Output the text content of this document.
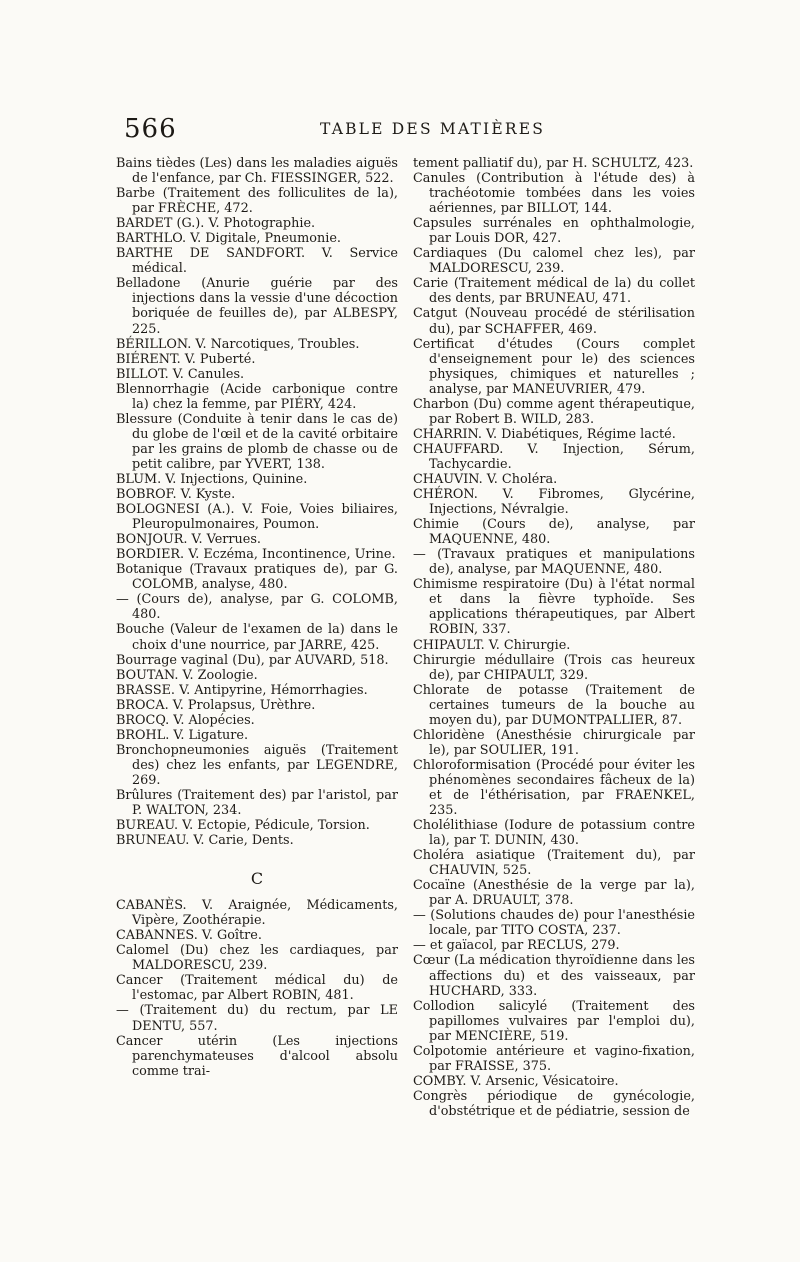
566	TABLE DES MATIÈRES
Bains tièdes (Les) dans les maladies aiguës de l'enfance, par Ch. FIESSINGER, 522.
Barbe (Traitement des folliculites de la), par FRÈCHE, 472.
BARDET (G.). V. Photographie.
BARTHLO. V. Digitale, Pneumonie.
BARTHE DE SANDFORT. V. Service médical.
Belladone (Anurie guérie par des injections dans la vessie d'une décoction boriquée de feuilles de), par ALBESPY, 225.
BÉRILLON. V. Narcotiques, Troubles.
BIÉRENT. V. Puberté.
BILLOT. V. Canules.
Blennorrhagie (Acide carbonique contre la) chez la femme, par PIÉRY, 424.
Blessure (Conduite à tenir dans le cas de) du globe de l'œil et de la cavité orbitaire par les grains de plomb de chasse ou de petit calibre, par YVERT, 138.
BLUM. V. Injections, Quinine.
BOBROF. V. Kyste.
BOLOGNESI (A.). V. Foie, Voies biliaires, Pleuropulmonaires, Poumon.
BONJOUR. V. Verrues.
BORDIER. V. Eczéma, Incontinence, Urine.
Botanique (Travaux pratiques de), par G. COLOMB, analyse, 480.
— (Cours de), analyse, par G. COLOMB, 480.
Bouche (Valeur de l'examen de la) dans le choix d'une nourrice, par JARRE, 425.
Bourrage vaginal (Du), par AUVARD, 518.
BOUTAN. V. Zoologie.
BRASSE. V. Antipyrine, Hémorrhagies.
BROCA. V. Prolapsus, Urèthre.
BROCQ. V. Alopécies.
BROHL. V. Ligature.
Bronchopneumonies aiguës (Traitement des) chez les enfants, par LEGENDRE, 269.
Brûlures (Traitement des) par l'aristol, par P. WALTON, 234.
BUREAU. V. Ectopie, Pédicule, Torsion.
BRUNEAU. V. Carie, Dents.
C
CABANÈS. V. Araignée, Médicaments, Vipère, Zoothérapie.
CABANNES. V. Goître.
Calomel (Du) chez les cardiaques, par MALDORESCU, 239.
Cancer (Traitement médical du) de l'estomac, par Albert ROBIN, 481.
— (Traitement du) du rectum, par LE DENTU, 557.
Cancer utérin (Les injections parenchymateuses d'alcool absolu comme trai-
tement palliatif du), par H. SCHULTZ, 423.
Canules (Contribution à l'étude des) à trachéotomie tombées dans les voies aériennes, par BILLOT, 144.
Capsules surrénales en ophthalmologie, par Louis DOR, 427.
Cardiaques (Du calomel chez les), par MALDORESCU, 239.
Carie (Traitement médical de la) du collet des dents, par BRUNEAU, 471.
Catgut (Nouveau procédé de stérilisation du), par SCHAFFER, 469.
Certificat d'études (Cours complet d'enseignement pour le) des sciences physiques, chimiques et naturelles ; analyse, par MANEUVRIER, 479.
Charbon (Du) comme agent thérapeutique, par Robert B. WILD, 283.
CHARRIN. V. Diabétiques, Régime lacté.
CHAUFFARD. V. Injection, Sérum, Tachycardie.
CHAUVIN. V. Choléra.
CHÉRON. V. Fibromes, Glycérine, Injections, Névralgie.
Chimie (Cours de), analyse, par MAQUENNE, 480.
— (Travaux pratiques et manipulations de), analyse, par MAQUENNE, 480.
Chimisme respiratoire (Du) à l'état normal et dans la fièvre typhoïde. Ses applications thérapeutiques, par Albert ROBIN, 337.
CHIPAULT. V. Chirurgie.
Chirurgie médullaire (Trois cas heureux de), par CHIPAULT, 329.
Chlorate de potasse (Traitement de certaines tumeurs de la bouche au moyen du), par DUMONTPALLIER, 87.
Chloridène (Anesthésie chirurgicale par le), par SOULIER, 191.
Chloroformisation (Procédé pour éviter les phénomènes secondaires fâcheux de la) et de l'éthérisation, par FRAENKEL, 235.
Cholélithiase (Iodure de potassium contre la), par T. DUNIN, 430.
Choléra asiatique (Traitement du), par CHAUVIN, 525.
Cocaïne (Anesthésie de la verge par la), par A. DRUAULT, 378.
— (Solutions chaudes de) pour l'anesthésie locale, par TITO COSTA, 237.
— et gaïacol, par RECLUS, 279.
Cœur (La médication thyroïdienne dans les affections du) et des vaisseaux, par HUCHARD, 333.
Collodion salicylé (Traitement des papillomes vulvaires par l'emploi du), par MENCIÈRE, 519.
Colpotomie antérieure et vagino-fixation, par FRAISSE, 375.
COMBY. V. Arsenic, Vésicatoire.
Congrès périodique de gynécologie, d'obstétrique et de pédiatrie, session de
